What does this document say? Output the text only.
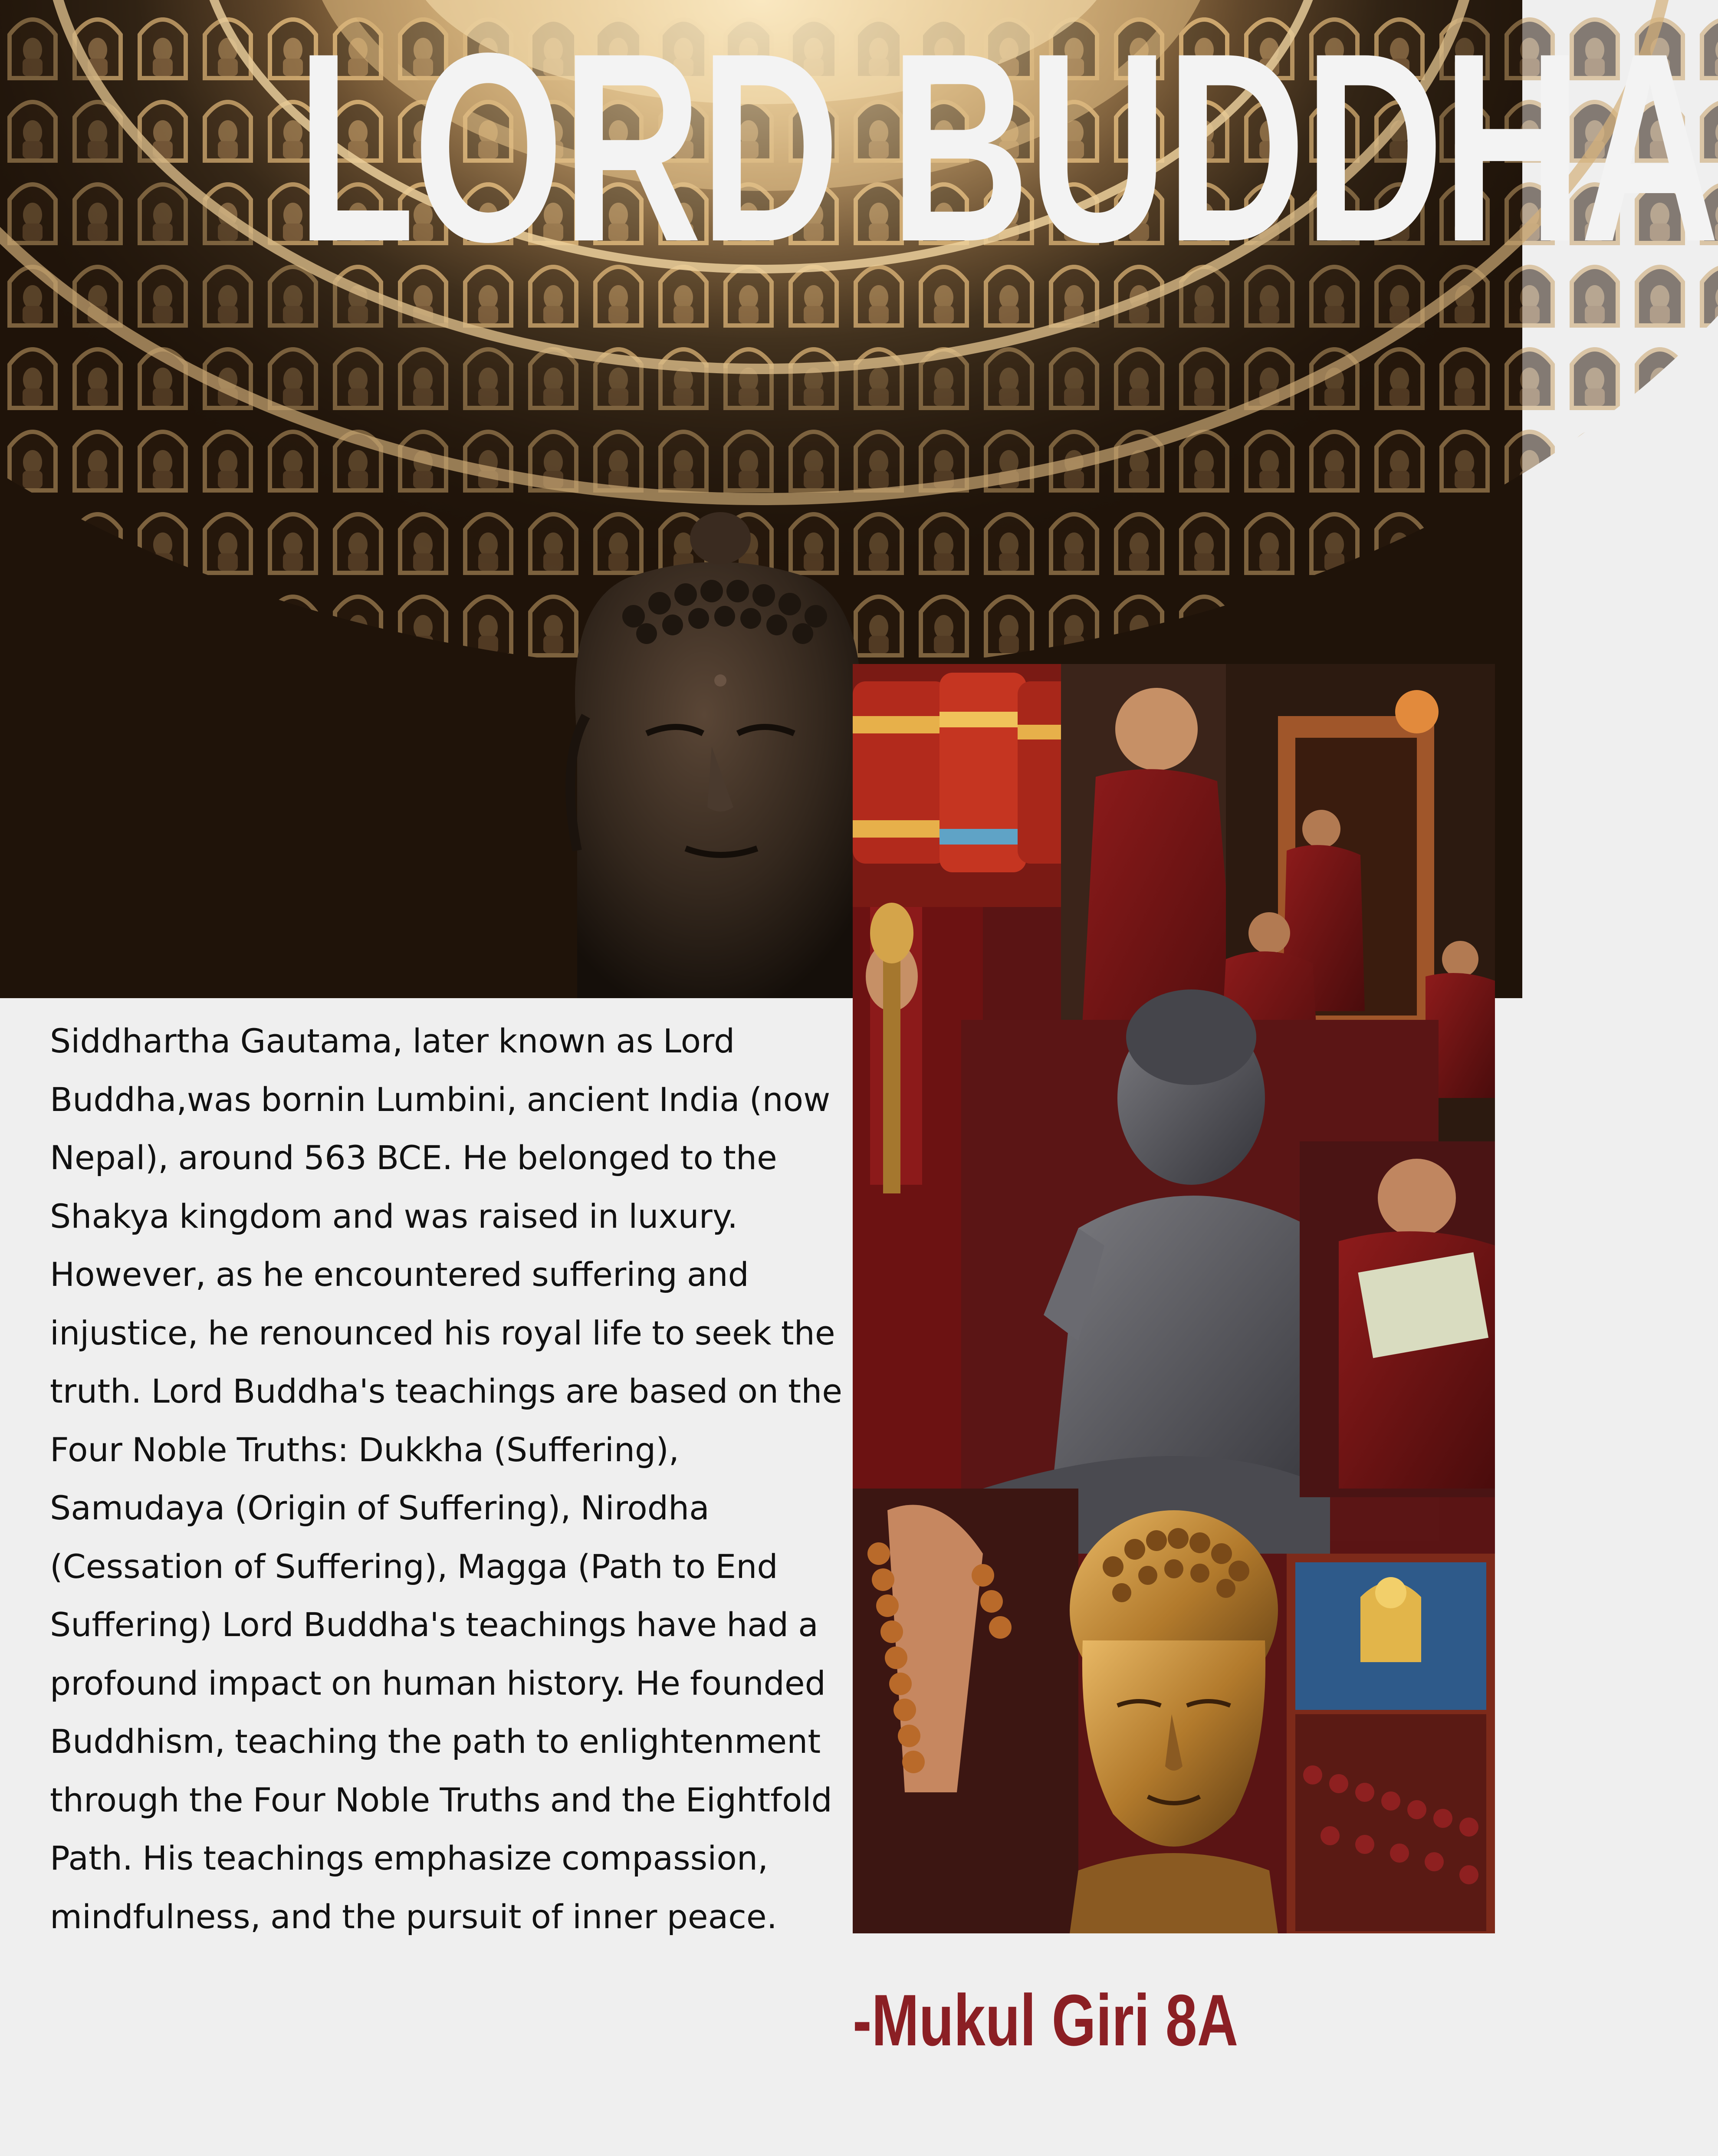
LORD BUDDHA
Siddhartha Gautama, later known as Lord Buddha,was bornin Lumbini, ancient India (now Nepal), around 563 BCE. He belonged to the Shakya kingdom and was raised in luxury. However, as he encountered suffering and injustice, he renounced his royal life to seek the truth. Lord Buddha's teachings are based on the Four Noble Truths: Dukkha (Suffering), Samudaya (Origin of Suffering), Nirodha (Cessation of Suffering), Magga (Path to End Suffering) Lord Buddha's teachings have had a profound impact on human history. He founded Buddhism, teaching the path to enlightenment through the Four Noble Truths and the Eightfold Path. His teachings emphasize compassion, mindfulness, and the pursuit of inner peace.
-Mukul Giri 8A
